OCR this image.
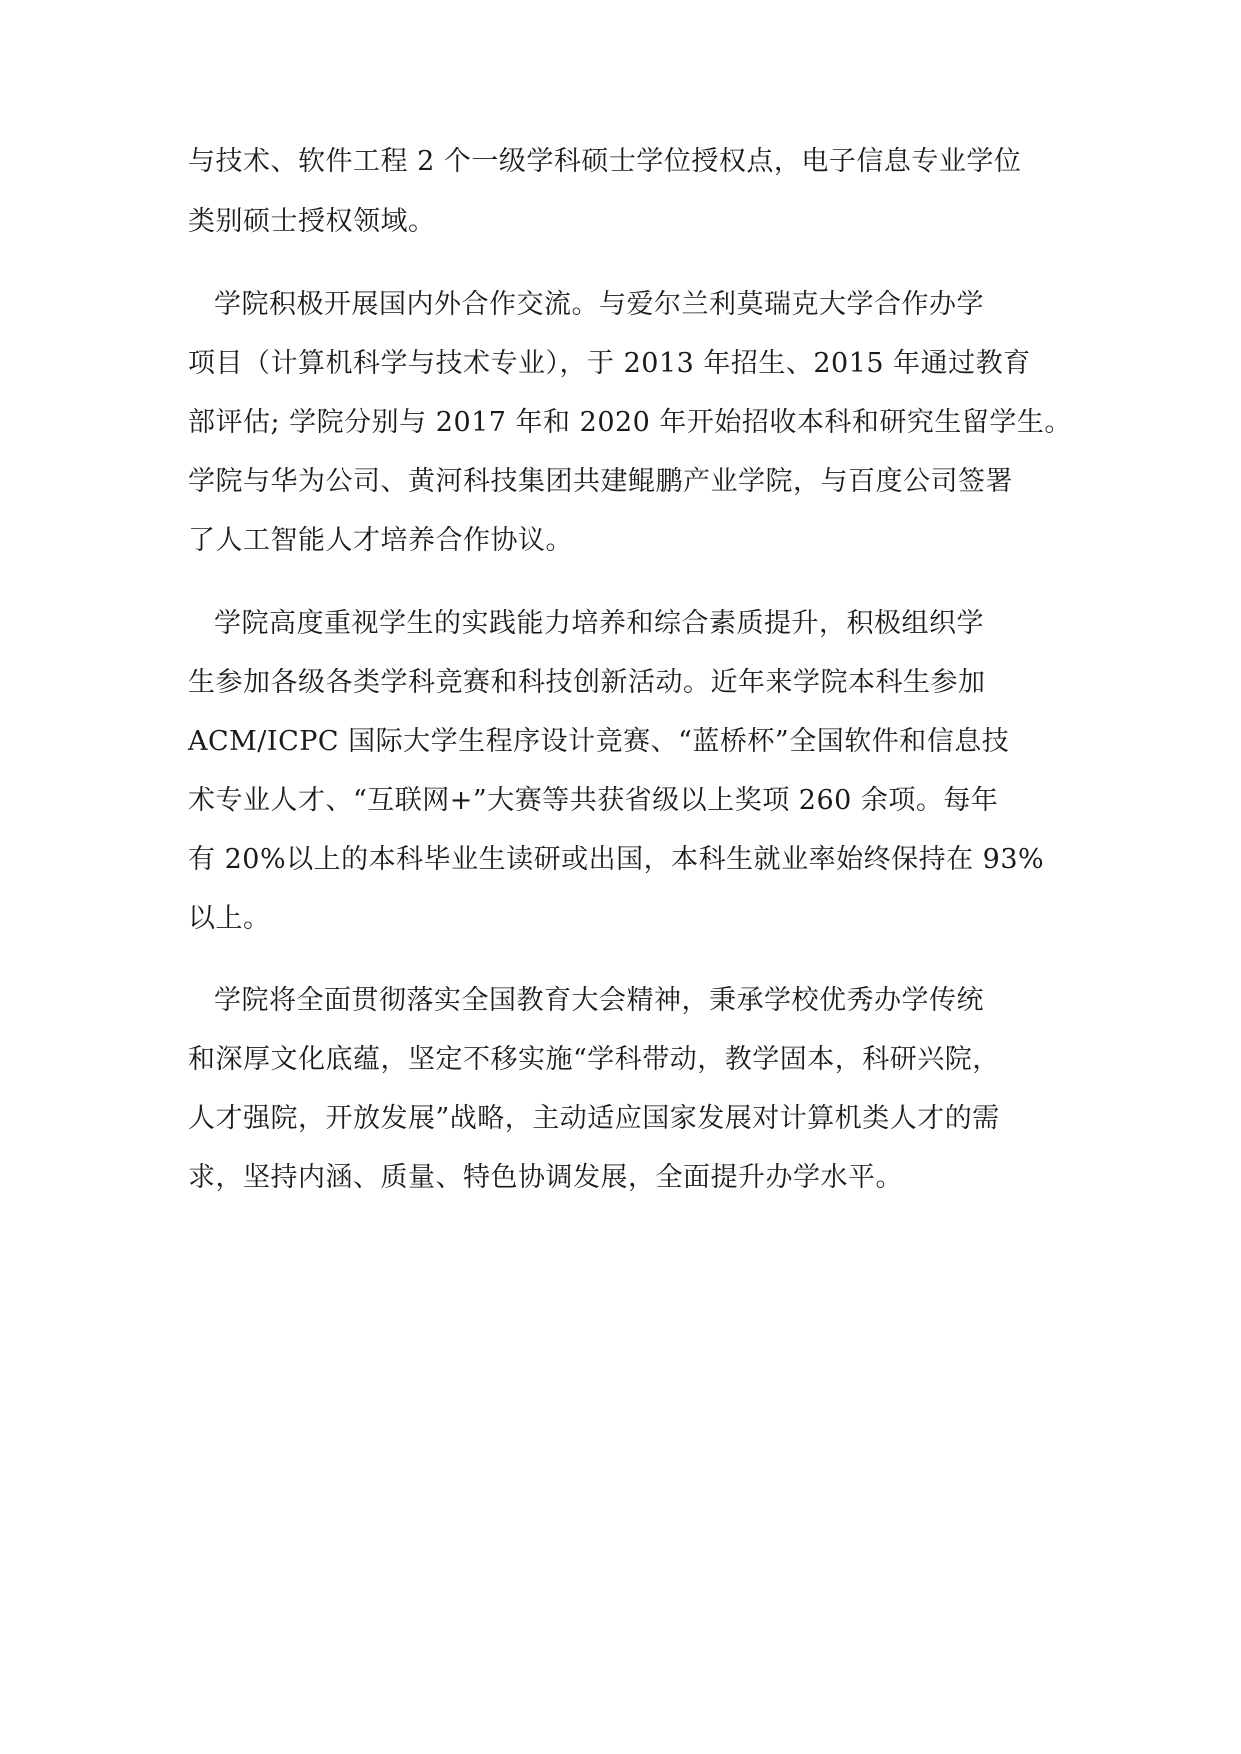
与技术、软件工程 2 个一级学科硕士学位授权点，电子信息专业学位
类别硕士授权领域。
学院积极开展国内外合作交流。与爱尔兰利莫瑞克大学合作办学
项目（计算机科学与技术专业），于 2013 年招生、2015 年通过教育
部评估; 学院分别与 2017 年和 2020 年开始招收本科和研究生留学生。
学院与华为公司、黄河科技集团共建鲲鹏产业学院，与百度公司签署
了人工智能人才培养合作协议。
学院高度重视学生的实践能力培养和综合素质提升，积极组织学
生参加各级各类学科竞赛和科技创新活动。近年来学院本科生参加
ACM/ICPC 国际大学生程序设计竞赛、“蓝桥杯”全国软件和信息技
术专业人才、“互联网+”大赛等共获省级以上奖项 260 余项。每年
有 20%以上的本科毕业生读研或出国，本科生就业率始终保持在 93%
以上。
学院将全面贯彻落实全国教育大会精神，秉承学校优秀办学传统
和深厚文化底蕴，坚定不移实施“学科带动，教学固本，科研兴院，
人才强院，开放发展”战略，主动适应国家发展对计算机类人才的需
求，坚持内涵、质量、特色协调发展，全面提升办学水平。
